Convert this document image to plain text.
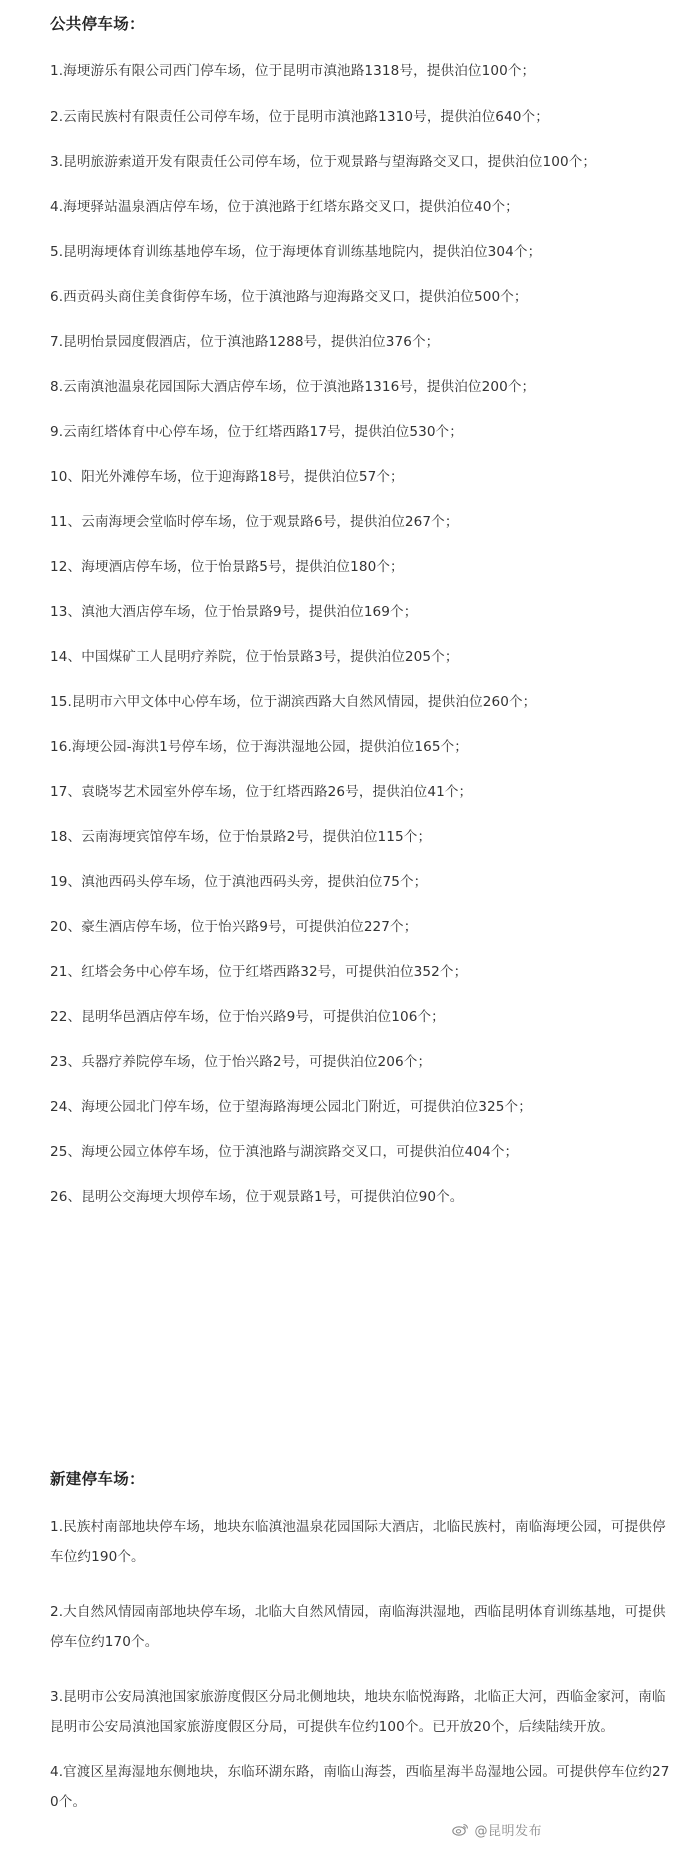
公共停车场：
1.海埂游乐有限公司西门停车场，位于昆明市滇池路1318号，提供泊位100个；
2.云南民族村有限责任公司停车场，位于昆明市滇池路1310号，提供泊位640个；
3.昆明旅游索道开发有限责任公司停车场，位于观景路与望海路交叉口，提供泊位100个；
4.海埂驿站温泉酒店停车场，位于滇池路于红塔东路交叉口，提供泊位40个；
5.昆明海埂体育训练基地停车场，位于海埂体育训练基地院内，提供泊位304个；
6.西贡码头商住美食街停车场，位于滇池路与迎海路交叉口，提供泊位500个；
7.昆明怡景园度假酒店，位于滇池路1288号，提供泊位376个；
8.云南滇池温泉花园国际大酒店停车场，位于滇池路1316号，提供泊位200个；
9.云南红塔体育中心停车场，位于红塔西路17号，提供泊位530个；
10、阳光外滩停车场，位于迎海路18号，提供泊位57个；
11、云南海埂会堂临时停车场，位于观景路6号，提供泊位267个；
12、海埂酒店停车场，位于怡景路5号，提供泊位180个；
13、滇池大酒店停车场，位于怡景路9号，提供泊位169个；
14、中国煤矿工人昆明疗养院，位于怡景路3号，提供泊位205个；
15.昆明市六甲文体中心停车场，位于湖滨西路大自然风情园，提供泊位260个；
16.海埂公园-海洪1号停车场，位于海洪湿地公园，提供泊位165个；
17、袁晓岑艺术园室外停车场，位于红塔西路26号，提供泊位41个；
18、云南海埂宾馆停车场，位于怡景路2号，提供泊位115个；
19、滇池西码头停车场，位于滇池西码头旁，提供泊位75个；
20、豪生酒店停车场，位于怡兴路9号，可提供泊位227个；
21、红塔会务中心停车场，位于红塔西路32号，可提供泊位352个；
22、昆明华邑酒店停车场，位于怡兴路9号，可提供泊位106个；
23、兵器疗养院停车场，位于怡兴路2号，可提供泊位206个；
24、海埂公园北门停车场，位于望海路海埂公园北门附近，可提供泊位325个；
25、海埂公园立体停车场，位于滇池路与湖滨路交叉口，可提供泊位404个；
26、昆明公交海埂大坝停车场，位于观景路1号，可提供泊位90个。
新建停车场：
1.民族村南部地块停车场，地块东临滇池温泉花园国际大酒店，北临民族村，南临海埂公园，可提供停车位约190个。
2.大自然风情园南部地块停车场，北临大自然风情园，南临海洪湿地，西临昆明体育训练基地，可提供停车位约170个。
3.昆明市公安局滇池国家旅游度假区分局北侧地块，地块东临悦海路，北临正大河，西临金家河，南临昆明市公安局滇池国家旅游度假区分局，可提供车位约100个。已开放20个，后续陆续开放。
@昆明发布
4.官渡区星海湿地东侧地块，东临环湖东路，南临山海荟，西临星海半岛湿地公园。可提供停车位约270个。
